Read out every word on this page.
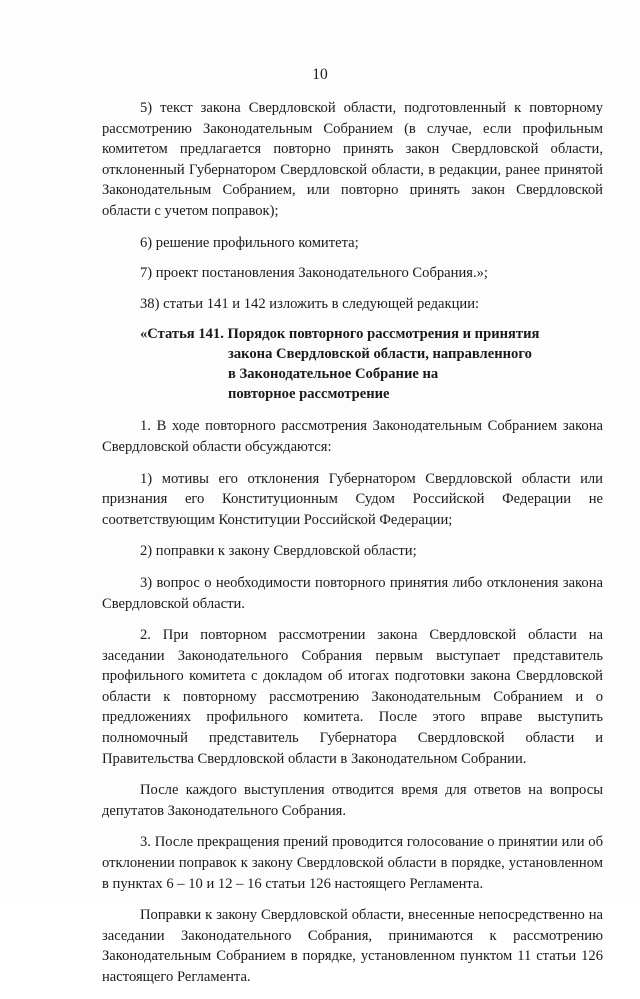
10

5) текст закона Свердловской области, подготовленный к повторному рассмотрению Законодательным Собранием (в случае, если профильным комитетом предлагается повторно принять закон Свердловской области, отклоненный Губернатором Свердловской области, в редакции, ранее принятой Законодательным Собранием, или повторно принять закон Свердловской области с учетом поправок);

6) решение профильного комитета;

7) проект постановления Законодательного Собрания.»;

38) статьи 141 и 142 изложить в следующей редакции:

«Статья 141. Порядок повторного рассмотрения и принятия
закона Свердловской области, направленного
в Законодательное Собрание на
повторное рассмотрение

1. В ходе повторного рассмотрения Законодательным Собранием закона Свердловской области обсуждаются:

1) мотивы его отклонения Губернатором Свердловской области или признания его Конституционным Судом Российской Федерации не соответствующим Конституции Российской Федерации;

2) поправки к закону Свердловской области;

3) вопрос о необходимости повторного принятия либо отклонения закона Свердловской области.

2. При повторном рассмотрении закона Свердловской области на заседании Законодательного Собрания первым выступает представитель профильного комитета с докладом об итогах подготовки закона Свердловской области к повторному рассмотрению Законодательным Собранием и о предложениях профильного комитета. После этого вправе выступить полномочный представитель Губернатора Свердловской области и Правительства Свердловской области в Законодательном Собрании.

После каждого выступления отводится время для ответов на вопросы депутатов Законодательного Собрания.

3. После прекращения прений проводится голосование о принятии или об отклонении поправок к закону Свердловской области в порядке, установленном в пунктах 6 – 10 и 12 – 16 статьи 126 настоящего Регламента.

Поправки к закону Свердловской области, внесенные непосредственно на заседании Законодательного Собрания, принимаются к рассмотрению Законодательным Собранием в порядке, установленном пунктом 11 статьи 126 настоящего Регламента.
